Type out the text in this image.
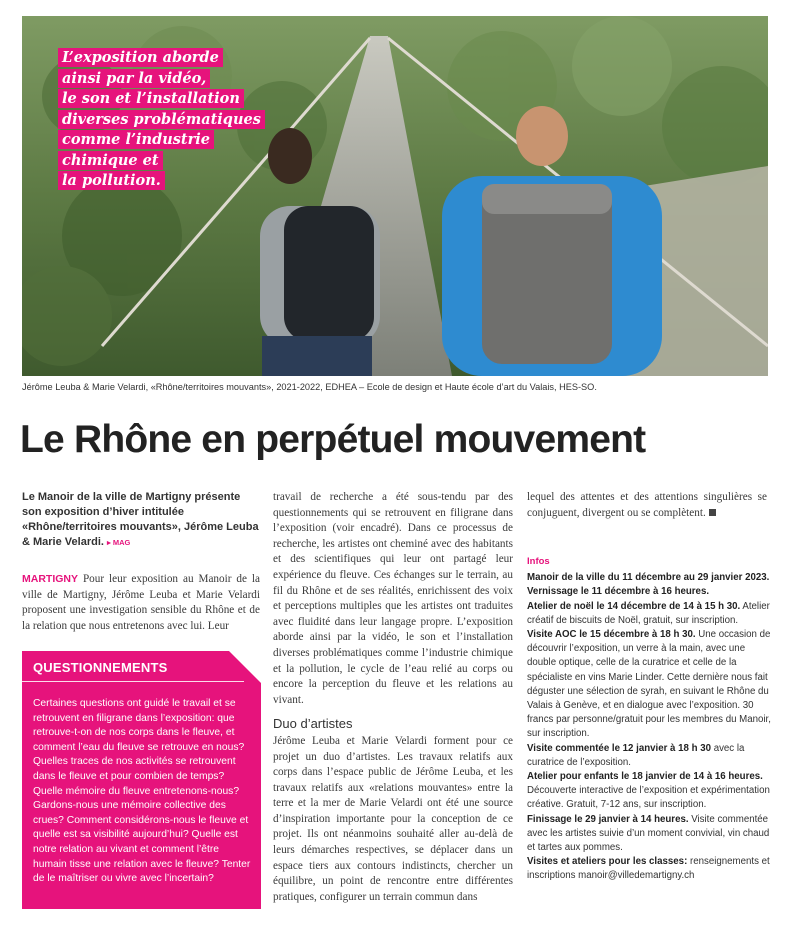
L’exposition aborde
ainsi par la vidéo,
le son et l’installation
diverses problématiques
comme l’industrie
chimique et
la pollution.
Jérôme Leuba & Marie Velardi, «Rhône/territoires mouvants», 2021-2022, EDHEA – Ecole de design et Haute école d’art du Valais, HES-SO.
Le Rhône en perpétuel mouvement

Le Manoir de la ville de Martigny présente son exposition d’hiver intitulée «Rhône/territoires mouvants», Jérôme Leuba & Marie Velardi. ▸ MAG

MARTIGNY Pour leur exposition au Manoir de la ville de Martigny, Jérôme Leuba et Marie Velardi proposent une investigation sensible du Rhône et de la relation que nous entretenons avec lui. Leur

QUESTIONNEMENTS
Certaines questions ont guidé le travail et se retrouvent en filigrane dans l’exposition: que retrouve-t-on de nos corps dans le fleuve, et comment l’eau du fleuve se retrouve en nous? Quelles traces de nos activités se retrouvent dans le fleuve et pour combien de temps? Quelle mémoire du fleuve entretenons-nous? Gardons-nous une mémoire collective des crues? Comment considérons-nous le fleuve et quelle est sa visibilité aujourd’hui? Quelle est notre relation au vivant et comment l’être humain tisse une relation avec le fleuve? Tenter de le maîtriser ou vivre avec l’incertain?

travail de recherche a été sous-tendu par des questionnements qui se retrouvent en filigrane dans l’exposition (voir encadré). Dans ce processus de recherche, les artistes ont cheminé avec des habitants et des scientifiques qui leur ont partagé leur expérience du fleuve. Ces échanges sur le terrain, au fil du Rhône et de ses réalités, enrichissent des voix et perceptions multiples que les artistes ont traduites avec fluidité dans leur langage propre. L’exposition aborde ainsi par la vidéo, le son et l’installation diverses problématiques comme l’industrie chimique et la pollution, le cycle de l’eau relié au corps ou encore la perception du fleuve et les relations au vivant.

Duo d’artistes

Jérôme Leuba et Marie Velardi forment pour ce projet un duo d’artistes. Les travaux relatifs aux corps dans l’espace public de Jérôme Leuba, et les travaux relatifs aux «relations mouvantes» entre la terre et la mer de Marie Velardi ont été une source d’inspiration importante pour la conception de ce projet. Ils ont néanmoins souhaité aller au-delà de leurs démarches respectives, se déplacer dans un espace tiers aux contours indistincts, chercher un équilibre, un point de rencontre entre différentes pratiques, configurer un terrain commun dans

lequel des attentes et des attentions singulières se conjuguent, divergent ou se complètent.

Infos

Manoir de la ville du 11 décembre au 29 janvier 2023.

Vernissage le 11 décembre à 16 heures.

Atelier de noël le 14 décembre de 14 à 15 h 30. Atelier créatif de biscuits de Noël, gratuit, sur inscription.

Visite AOC le 15 décembre à 18 h 30. Une occasion de découvrir l’exposition, un verre à la main, avec une double optique, celle de la curatrice et celle de la spécialiste en vins Marie Linder. Cette dernière nous fait déguster une sélection de syrah, en suivant le Rhône du Valais à Genève, et en dialogue avec l’exposition. 30 francs par personne/gratuit pour les membres du Manoir, sur inscription.

Visite commentée le 12 janvier à 18 h 30 avec la curatrice de l’exposition.

Atelier pour enfants le 18 janvier de 14 à 16 heures. Découverte interactive de l’exposition et expérimentation créative. Gratuit, 7-12 ans, sur inscription.

Finissage le 29 janvier à 14 heures. Visite commentée avec les artistes suivie d’un moment convivial, vin chaud et tartes aux pommes.

Visites et ateliers pour les classes: renseignements et inscriptions manoir@villedemartigny.ch
